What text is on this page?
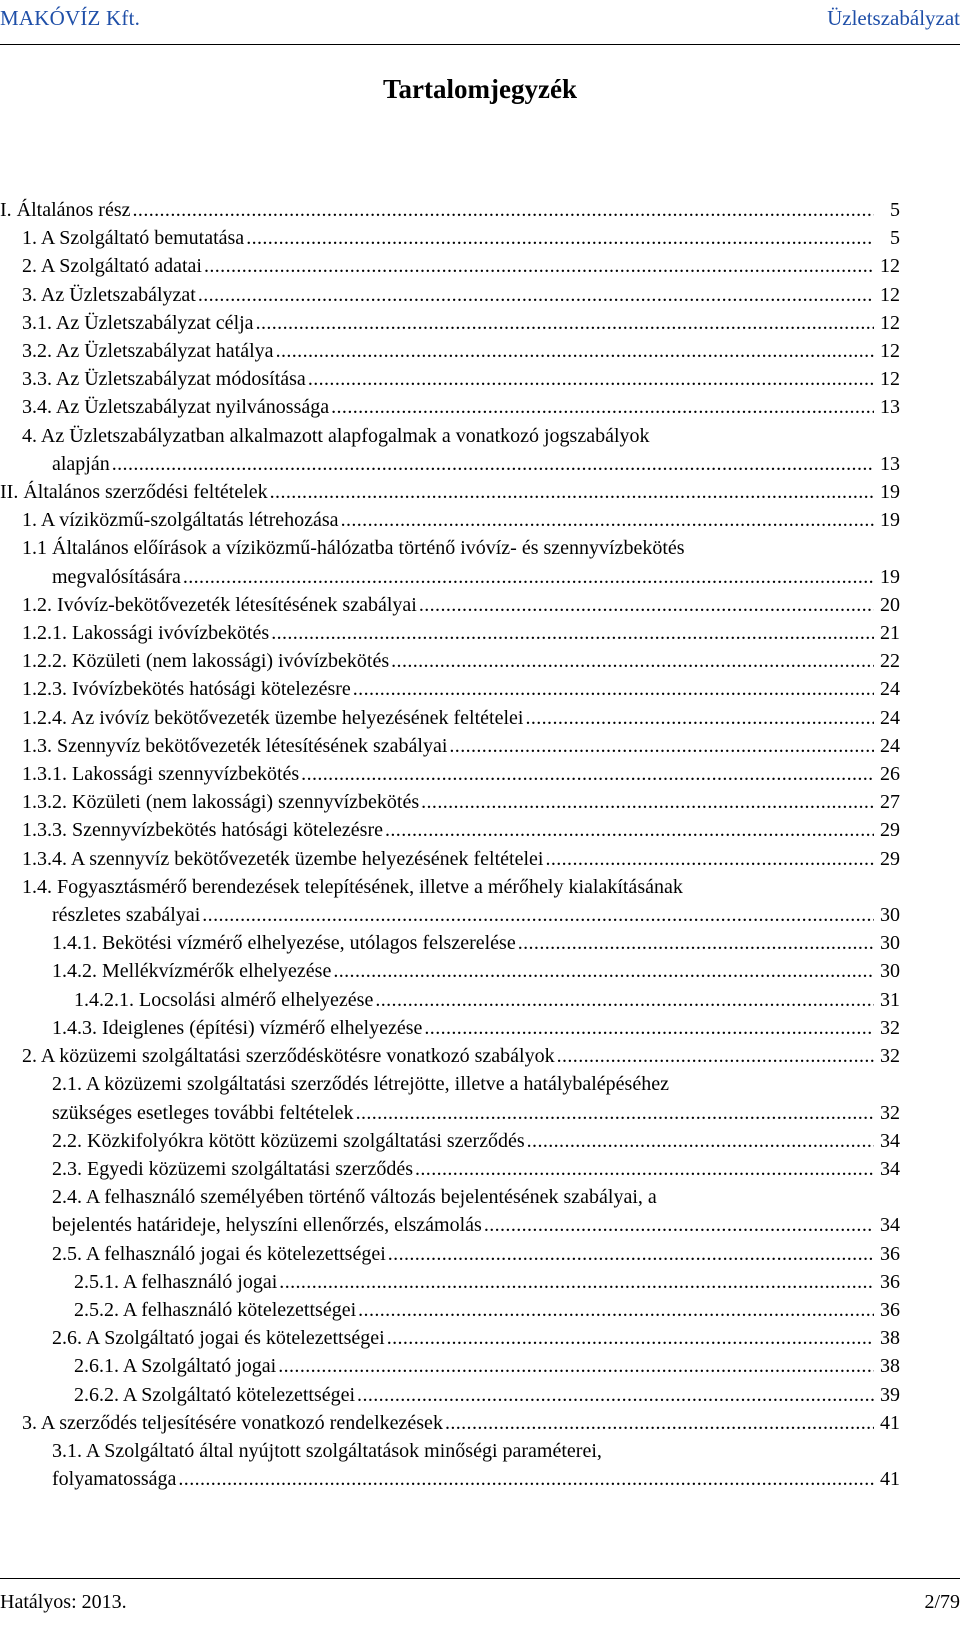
MAKÓVÍZ Kft.	Üzletszabályzat
Tartalomjegyzék
I. Általános rész . . .	5
1. A Szolgáltató bemutatása . . .	5
2. A Szolgáltató adatai . . .	12
3. Az Üzletszabályzat . . .	12
3.1. Az Üzletszabályzat célja . . .	12
3.2. Az Üzletszabályzat hatálya . . .	12
3.3. Az Üzletszabályzat módosítása . . .	12
3.4. Az Üzletszabályzat nyilvánossága . . .	13
4. Az Üzletszabályzatban alkalmazott alapfogalmak a vonatkozó jogszabályok
alapján . . .	13
II. Általános szerződési feltételek . . .	19
1. A víziközmű-szolgáltatás létrehozása . . .	19
1.1 Általános előírások a víziközmű-hálózatba történő ivóvíz- és szennyvízbekötés
megvalósítására . . .	19
1.2. Ivóvíz-bekötővezeték létesítésének szabályai . . .	20
1.2.1. Lakossági ivóvízbekötés . . .	21
1.2.2. Közületi (nem lakossági) ivóvízbekötés . . .	22
1.2.3. Ivóvízbekötés hatósági kötelezésre . . .	24
1.2.4. Az ivóvíz bekötővezeték üzembe helyezésének feltételei . . .	24
1.3. Szennyvíz bekötővezeték létesítésének szabályai . . .	24
1.3.1. Lakossági szennyvízbekötés . . .	26
1.3.2. Közületi (nem lakossági) szennyvízbekötés . . .	27
1.3.3. Szennyvízbekötés hatósági kötelezésre . . .	29
1.3.4. A szennyvíz bekötővezeték üzembe helyezésének feltételei . . .	29
1.4. Fogyasztásmérő berendezések telepítésének, illetve a mérőhely kialakításának
részletes szabályai . . .	30
1.4.1. Bekötési vízmérő elhelyezése, utólagos felszerelése . . .	30
1.4.2. Mellékvízmérők elhelyezése . . .	30
1.4.2.1. Locsolási almérő elhelyezése . . .	31
1.4.3. Ideiglenes (építési) vízmérő elhelyezése . . .	32
2. A közüzemi szolgáltatási szerződéskötésre vonatkozó szabályok . . .	32
2.1. A közüzemi szolgáltatási szerződés létrejötte, illetve a hatálybalépéséhez
szükséges esetleges további feltételek . . .	32
2.2. Közkifolyókra kötött közüzemi szolgáltatási szerződés . . .	34
2.3. Egyedi közüzemi szolgáltatási szerződés . . .	34
2.4. A felhasználó személyében történő változás bejelentésének szabályai, a
bejelentés határideje, helyszíni ellenőrzés, elszámolás . . .	34
2.5. A felhasználó jogai és kötelezettségei . . .	36
2.5.1. A felhasználó jogai . . .	36
2.5.2. A felhasználó kötelezettségei . . .	36
2.6. A Szolgáltató jogai és kötelezettségei . . .	38
2.6.1. A Szolgáltató jogai . . .	38
2.6.2. A Szolgáltató kötelezettségei . . .	39
3. A szerződés teljesítésére vonatkozó rendelkezések . . .	41
3.1. A Szolgáltató által nyújtott szolgáltatások minőségi paraméterei,
folyamatossága . . .	41
Hatályos: 2013.	2/79
